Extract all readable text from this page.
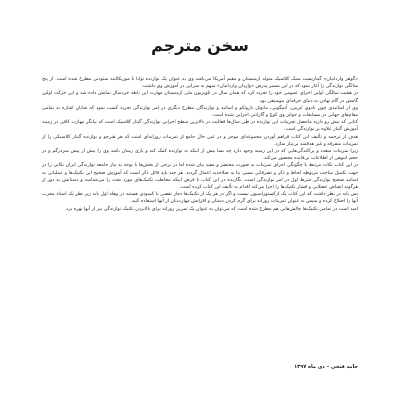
سخن مترجم

«گوهر واردانیان» گیتاریست سبک کلاسیک متولد ارمنستان و مقیم آمریکا می‌باشد وی به عنوان یک نوازنده توانا با موزیکالیته ستودنی مطرح شده است. از پنج سالگی نوازندگی را آغاز نمود که در این مسیر پدرش «واردان واردانیان» سهم به سزایی در آموزش وی داشت.

در هشت سالگی اولین اجرای عمومی خود را تجربه کرد که همان سال در تلویزیون ملی ارمنستان مهارت این نابغه خردسال نمایش داده شد و این حرکت اولین گامش در گام نهادن به دنیای حرفه‌ای موسیقی بود.

وی از اساتیدی چون نادوی ایزبین، آنتیگونی، مانوئل باروئکو و اساتید و نوازندگان مطرح دیگری در امر نوازندگی تجربه کسب نمود که شایان اشاره به تمامی مقام‌های جهانی در مسابقات و جوایز وی کوچ و گارانتی اجرایی شده است.

کتابی که بیش رو دارید ماحصل تجربیات این نوازنده در طی سال‌ها فعالیت در بالاترین سطح اجرایی نوازندگی گیتار کلاسیک است که بیانگر مهارت کافی در زمینه آموزش گیتار علاوه بر نوازندگی است.

هدف از ترجمه و تألیف این کتاب فراهم آوردن مجموعه‌ای موجز و در عین حال جامع از تمرینات روزانه‌ای است که هر هنرجو و نوازنده گیتار کلاسیکی را از تمرینات متفرقه و غیر هدفمند بی‌نیاز سازد.

زیرا تمرینات متعدد و پراکندگی‌هایی که در این زمینه وجود دارد چه بسا بیش از اینکه به نوازنده کمک کند و یاری رسان باشد وی را بیش از پیش سردرگم و در حجم انبوهی از اطلاعات بی‌فایده محصور می‌کند.

در این کتاب نکات مرتبط با چگونگی اجرای تمرینات به صورت مختصر و مفید بیان شده اما در برخی از بخش‌ها با توجه به نیاز جامعه نوازندگی ایران نکاتی را در جهت تکمیل مباحث مربوطه لحاظ و ذکر و تصرفاتی نسبی بنا به صلاحدید اعمال گردید. هر چند باید قائل ذکر است که آموزش صحیح این تکنیک‌ها و عملیاتی به اساتید صحیح نوازندگی شرط اول در امر نوازندگی است. نگارنده در این کتاب با فرض اینکه مخاطب تکنیک‌های مورد بحث را می‌شناسد و دستانش به دور از هرگونه انقباض عضلانی و فشار تکنیک‌ها را اجرا می‌کند اقدام به تألیف این کتاب کرده است.

پس باید در نظر داشت که این کتاب یک ارکستوراسیون نیست و اگر در هر یک از تکنیک‌ها دچار نقصی یا کمبودی هستید در وهله اول باید زیر نظر یک استاد مجرب آنها را اصلاح کرده و سپس به عنوان تمرینات روزانه برای گرم کردن دستان و افزایش مهارت‌تان از آنها استفاده کنید.

امید است در تمامی تکنیک‌ها چالش‌هایی هم مطرح شده است که می‌توان به عنوان یک تمرین روزانه برای بالابردن تکنیک نوازندگی نیز از آنها بهره برد.

حامد فتحی – دی ماه ۱۳۹۷
